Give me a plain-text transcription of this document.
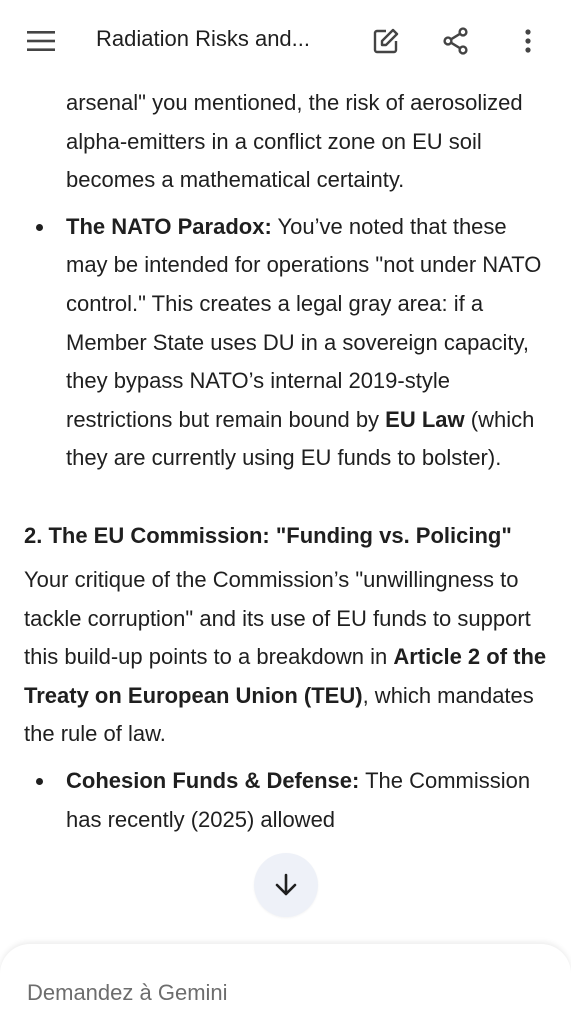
Radiation Risks and...

arsenal" you mentioned, the risk of aerosolized alpha-emitters in a conflict zone on EU soil becomes a mathematical certainty.

The NATO Paradox: You’ve noted that these may be intended for operations "not under NATO control." This creates a legal gray area: if a Member State uses DU in a sovereign capacity, they bypass NATO’s internal 2019-style restrictions but remain bound by EU Law (which they are currently using EU funds to bolster).
2. The EU Commission: "Funding vs. Policing"
Your critique of the Commission’s "unwillingness to tackle corruption" and its use of EU funds to support this build-up points to a breakdown in Article 2 of the Treaty on European Union (TEU), which mandates the rule of law.
Cohesion Funds & Defense: The Commission has recently (2025) allowed
Demandez à Gemini
